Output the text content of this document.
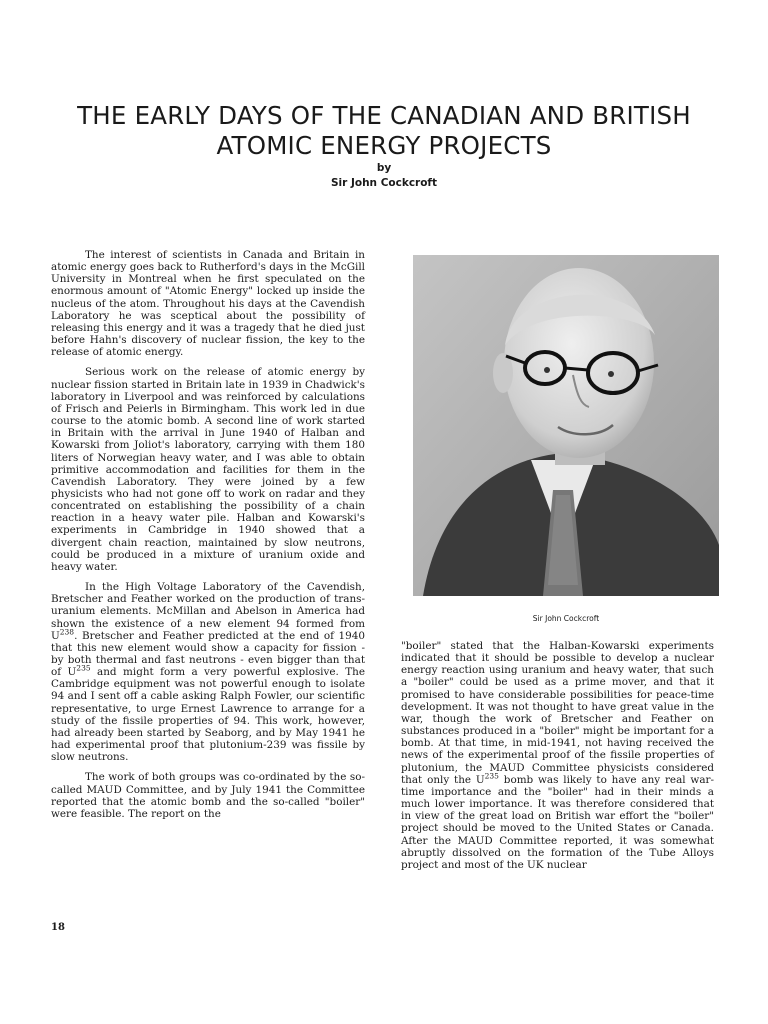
THE EARLY DAYS OF THE CANADIAN AND BRITISH
ATOMIC ENERGY PROJECTS
by
Sir John Cockcroft

The interest of scientists in Canada and Britain in atomic energy goes back to Rutherford's days in the McGill University in Montreal when he first speculated on the enormous amount of "Atomic Energy" locked up inside the nucleus of the atom. Throughout his days at the Cavendish Laboratory he was sceptical about the possibility of releasing this energy and it was a tragedy that he died just before Hahn's discovery of nuclear fission, the key to the release of atomic energy.

Serious work on the release of atomic energy by nuclear fission started in Britain late in 1939 in Chadwick's laboratory in Liverpool and was reinforced by calculations of Frisch and Peierls in Birmingham. This work led in due course to the atomic bomb. A second line of work started in Britain with the arrival in June 1940 of Halban and Kowarski from Joliot's laboratory, carrying with them 180 liters of Norwegian heavy water, and I was able to obtain primitive accommodation and facilities for them in the Cavendish Laboratory. They were joined by a few physicists who had not gone off to work on radar and they concentrated on establishing the possibility of a chain reaction in a heavy water pile. Halban and Kowarski's experiments in Cambridge in 1940 showed that a divergent chain reaction, maintained by slow neutrons, could be produced in a mixture of uranium oxide and heavy water.

In the High Voltage Laboratory of the Cavendish, Bretscher and Feather worked on the production of trans-uranium elements. McMillan and Abelson in America had shown the existence of a new element 94 formed from $U^{238}$. Bretscher and Feather predicted at the end of 1940 that this new element would show a capacity for fission - by both thermal and fast neutrons - even bigger than that of $U^{235}$ and might form a very powerful explosive. The Cambridge equipment was not powerful enough to isolate 94 and I sent off a cable asking Ralph Fowler, our scientific representative, to urge Ernest Lawrence to arrange for a study of the fissile properties of 94. This work, however, had already been started by Seaborg, and by May 1941 he had experimental proof that plutonium-239 was fissile by slow neutrons.

The work of both groups was co-ordinated by the so-called MAUD Committee, and by July 1941 the Committee reported that the atomic bomb and the so-called "boiler" were feasible. The report on the

Sir John Cockcroft

"boiler" stated that the Halban-Kowarski experiments indicated that it should be possible to develop a nuclear energy reaction using uranium and heavy water, that such a "boiler" could be used as a prime mover, and that it promised to have considerable possibilities for peace-time development. It was not thought to have great value in the war, though the work of Bretscher and Feather on substances produced in a "boiler" might be important for a bomb. At that time, in mid-1941, not having received the news of the experimental proof of the fissile properties of plutonium, the MAUD Committee physicists considered that only the $U^{235}$ bomb was likely to have any real war-time importance and the "boiler" had in their minds a much lower importance. It was therefore considered that in view of the great load on British war effort the "boiler" project should be moved to the United States or Canada. After the MAUD Committee reported, it was somewhat abruptly dissolved on the formation of the Tube Alloys project and most of the UK nuclear

18
